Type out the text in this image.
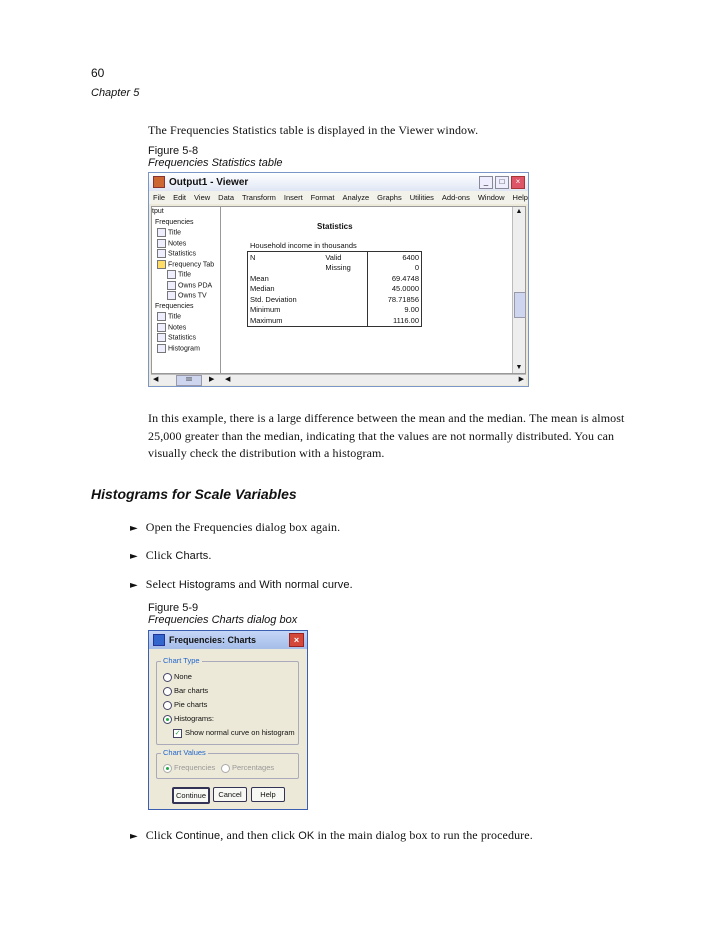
60
Chapter 5
The Frequencies Statistics table is displayed in the Viewer window.
Figure 5-8
Frequencies Statistics table
Output1 - Viewer	_	□	×
File Edit View Data Transform Insert Format Analyze Graphs Utilities Add-ons Window Help
tput
Frequencies
Title
Notes
Statistics
Frequency Tab
Title
Owns PDA
Owns TV
Frequencies
Title
Notes
Statistics
Histogram
Statistics
Household income in thousands
N	Valid	6400
	Missing	0
Mean		69.4748
Median		45.0000
Std. Deviation		78.71856
Minimum		9.00
Maximum		1116.00
▲
▼
◀	III	▶ ◀	▶
In this example, there is a large difference between the mean and the median. The mean is almost
25,000 greater than the median, indicating that the values are not normally distributed. You can
visually check the distribution with a histogram.
Histograms for Scale Variables
► Open the Frequencies dialog box again.
► Click Charts.
► Select Histograms and With normal curve.
Figure 5-9
Frequencies Charts dialog box
Frequencies: Charts	×
Chart Type
None
Bar charts
Pie charts
Histograms:
✓ Show normal curve on histogram
Chart Values
Frequencies	Percentages
Continue	Cancel	Help
► Click Continue, and then click OK in the main dialog box to run the procedure.
